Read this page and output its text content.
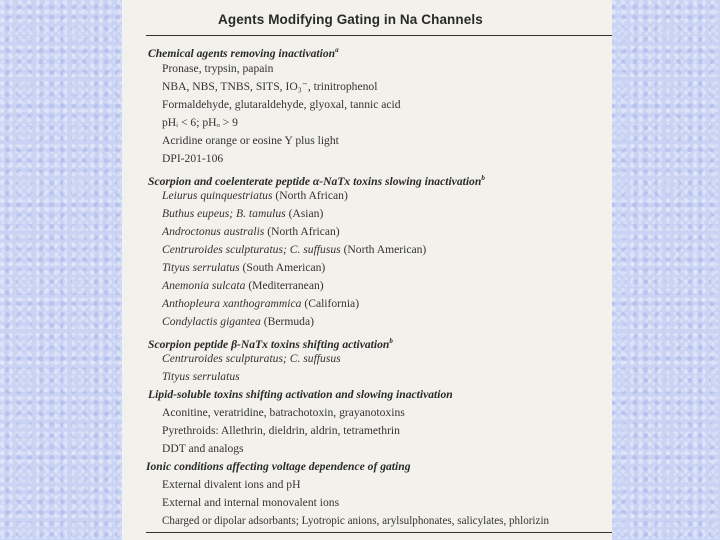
Agents Modifying Gating in Na Channels
Chemical agents removing inactivation$^a$
Pronase, trypsin, papain
NBA, NBS, TNBS, SITS, IO₃⁻, trinitrophenol
Formaldehyde, glutaraldehyde, glyoxal, tannic acid
pHᵢ < 6; pHₒ > 9
Acridine orange or eosine Y plus light
DPI-201-106
Scorpion and coelenterate peptide α-NaTx toxins slowing inactivation$^b$
Leiurus quinquestriatus (North African)
Buthus eupeus; B. tamulus (Asian)
Androctonus australis (North African)
Centruroides sculpturatus; C. suffusus (North American)
Tityus serrulatus (South American)
Anemonia sulcata (Mediterranean)
Anthopleura xanthogrammica (California)
Condylactis gigantea (Bermuda)
Scorpion peptide β-NaTx toxins shifting activation$^b$
Centruroides sculpturatus; C. suffusus
Tityus serrulatus
Lipid-soluble toxins shifting activation and slowing inactivation
Aconitine, veratridine, batrachotoxin, grayanotoxins
Pyrethroids: Allethrin, dieldrin, aldrin, tetramethrin
DDT and analogs
Ionic conditions affecting voltage dependence of gating
External divalent ions and pH
External and internal monovalent ions
Charged or dipolar adsorbants; Lyotropic anions, arylsulphonates, salicylates, phlorizin
